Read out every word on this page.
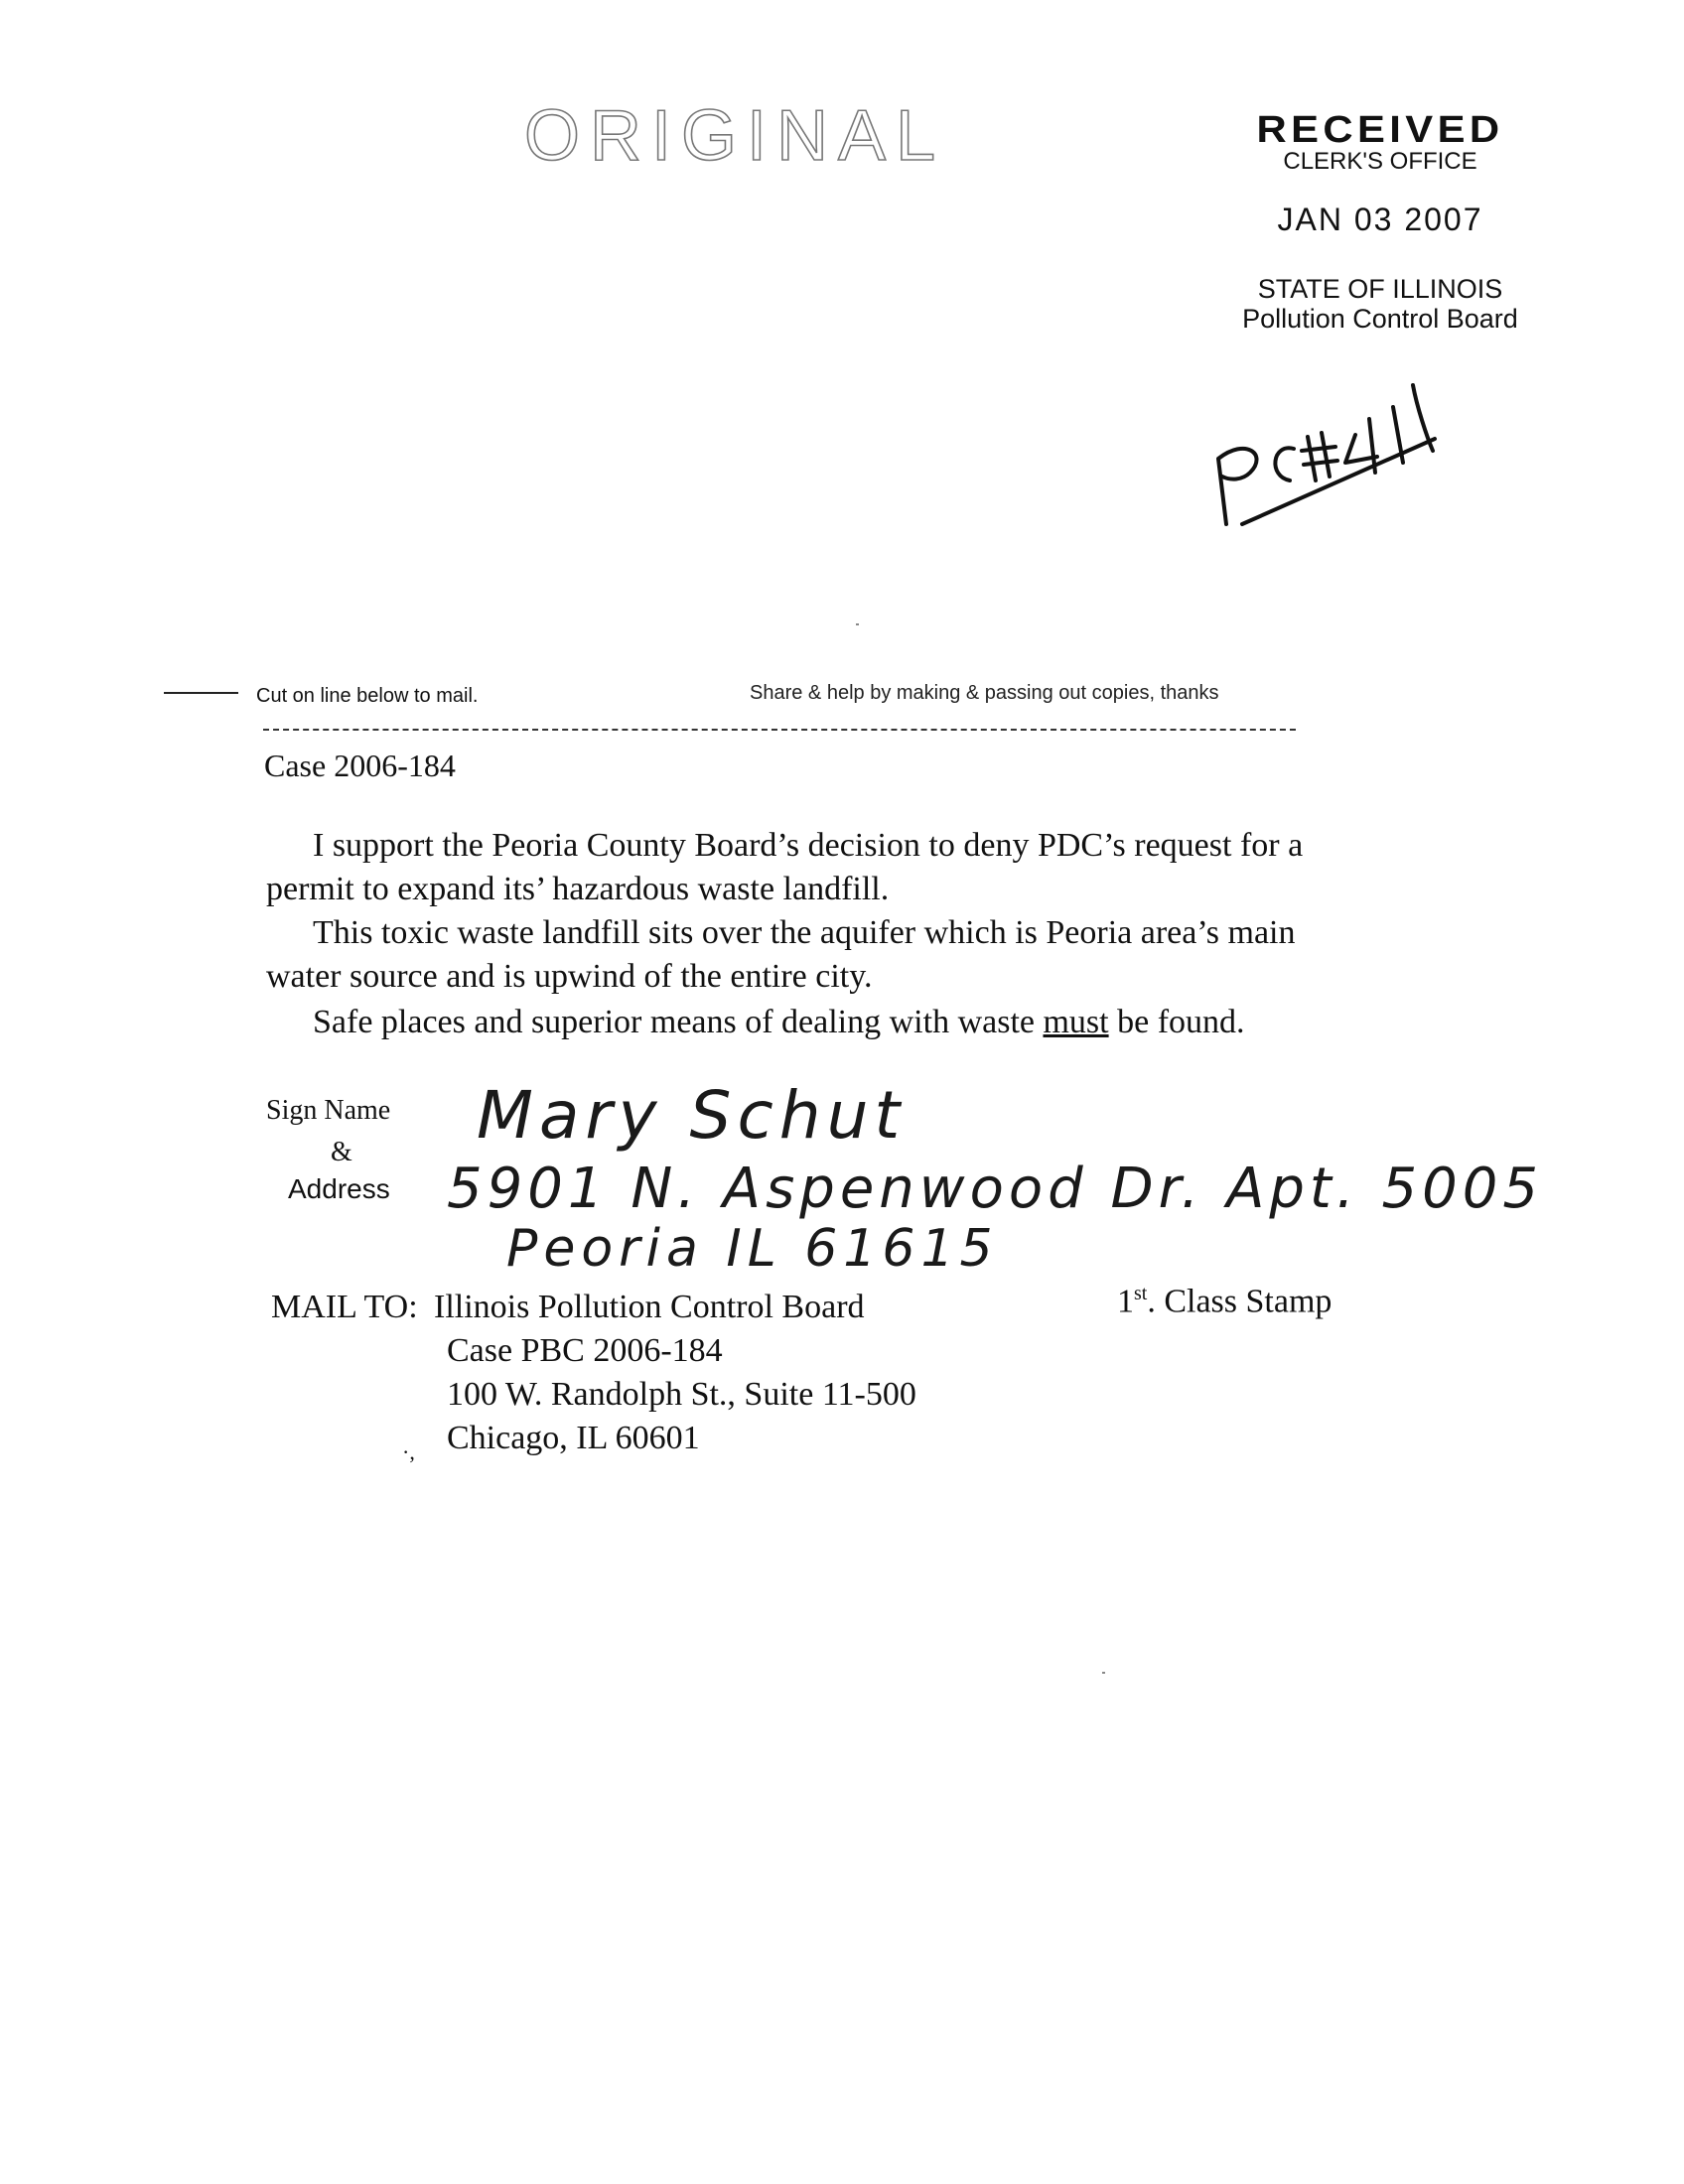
ORIGINAL	RECEIVED
CLERK'S OFFICE
JAN 03 2007
STATE OF ILLINOIS
Pollution Control Board
Cut on line below to mail.	Share & help by making & passing out copies, thanks
Case 2006-184
I support the Peoria County Board’s decision to deny PDC’s request for a
permit to expand its’ hazardous waste landfill.
This toxic waste landfill sits over the aquifer which is Peoria area’s main
water source and is upwind of the entire city.
Safe places and superior means of dealing with waste must be found.
Sign Name
&
Address
Mary Schut
5901 N. Aspenwood Dr. Apt. 5005
Peoria IL 61615
MAIL TO: Illinois Pollution Control Board
Case PBC 2006-184
100 W. Randolph St., Suite 11-500
Chicago, IL 60601
1st. Class Stamp
·,
